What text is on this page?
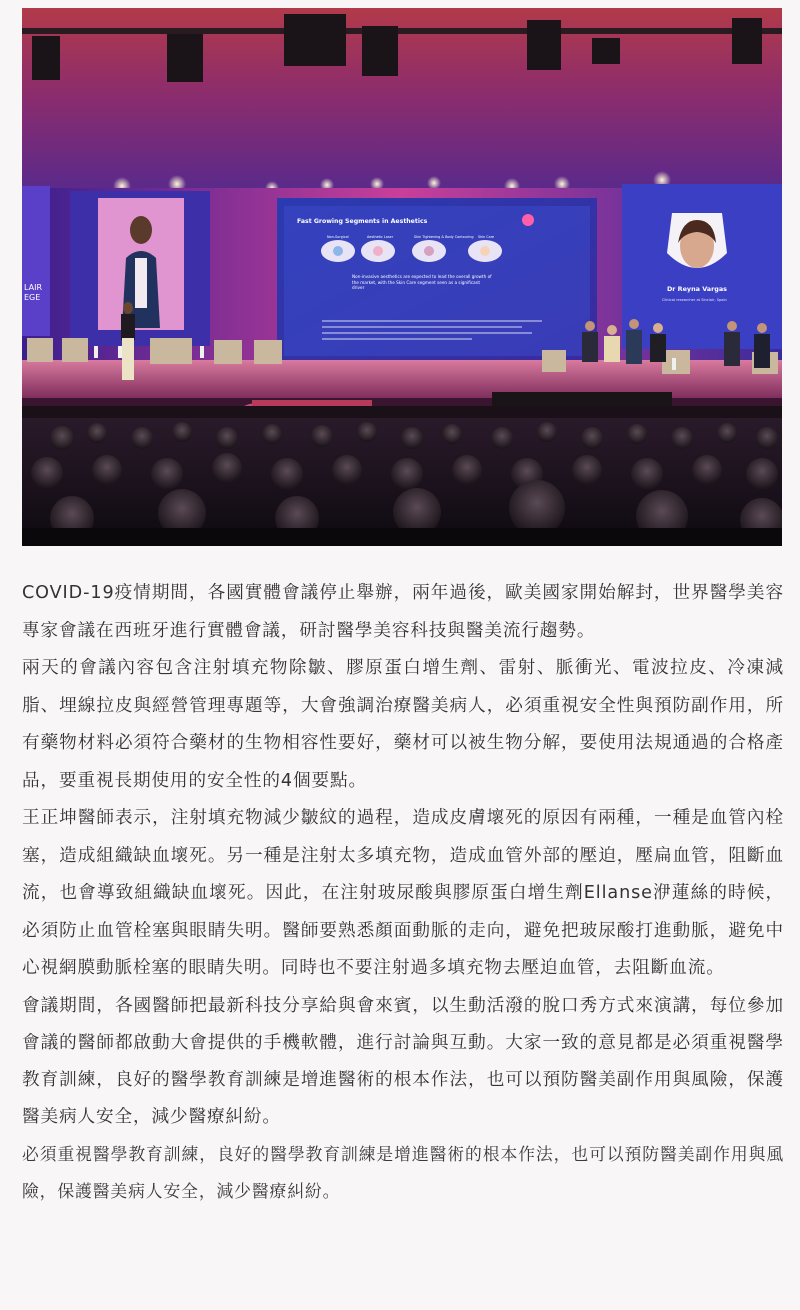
LAIR EGE
Fast Growing Segments in Aesthetics
Non-Surgical	Aesthetic Laser	Skin Tightening & Body Contouring Skin Care
Non-invasive aesthetics are expected to lead the overall growth of the market, with the Skin Care segment seen as a significant driver	Dr Reyna Vargas
Clinical researcher at Sinclair, Spain

COVID-19疫情期間，各國實體會議停止舉辦，兩年過後，歐美國家開始解封，世界醫學美容專家會議在西班牙進行實體會議，研討醫學美容科技與醫美流行趨勢。

兩天的會議內容包含注射填充物除皺、膠原蛋白增生劑、雷射、脈衝光、電波拉皮、冷凍減脂、埋線拉皮與經營管理專題等，大會強調治療醫美病人，必須重視安全性與預防副作用，所有藥物材料必須符合藥材的生物相容性要好，藥材可以被生物分解，要使用法規通過的合格產品，要重視長期使用的安全性的4個要點。

王正坤醫師表示，注射填充物減少皺紋的過程，造成皮膚壞死的原因有兩種，一種是血管內栓塞，造成組織缺血壞死。另一種是注射太多填充物，造成血管外部的壓迫，壓扁血管，阻斷血流，也會導致組織缺血壞死。因此，在注射玻尿酸與膠原蛋白增生劑Ellanse洢蓮絲的時候，必須防止血管栓塞與眼睛失明。醫師要熟悉顏面動脈的走向，避免把玻尿酸打進動脈，避免中心視網膜動脈栓塞的眼睛失明。同時也不要注射過多填充物去壓迫血管，去阻斷血流。

會議期間，各國醫師把最新科技分享給與會來賓，以生動活潑的脫口秀方式來演講，每位參加會議的醫師都啟動大會提供的手機軟體，進行討論與互動。大家一致的意見都是必須重視醫學教育訓練，良好的醫學教育訓練是增進醫術的根本作法，也可以預防醫美副作用與風險，保護醫美病人安全，減少醫療糾紛。

必須重視醫學教育訓練，良好的醫學教育訓練是增進醫術的根本作法，也可以預防醫美副作用與風險，保護醫美病人安全，減少醫療糾紛。
